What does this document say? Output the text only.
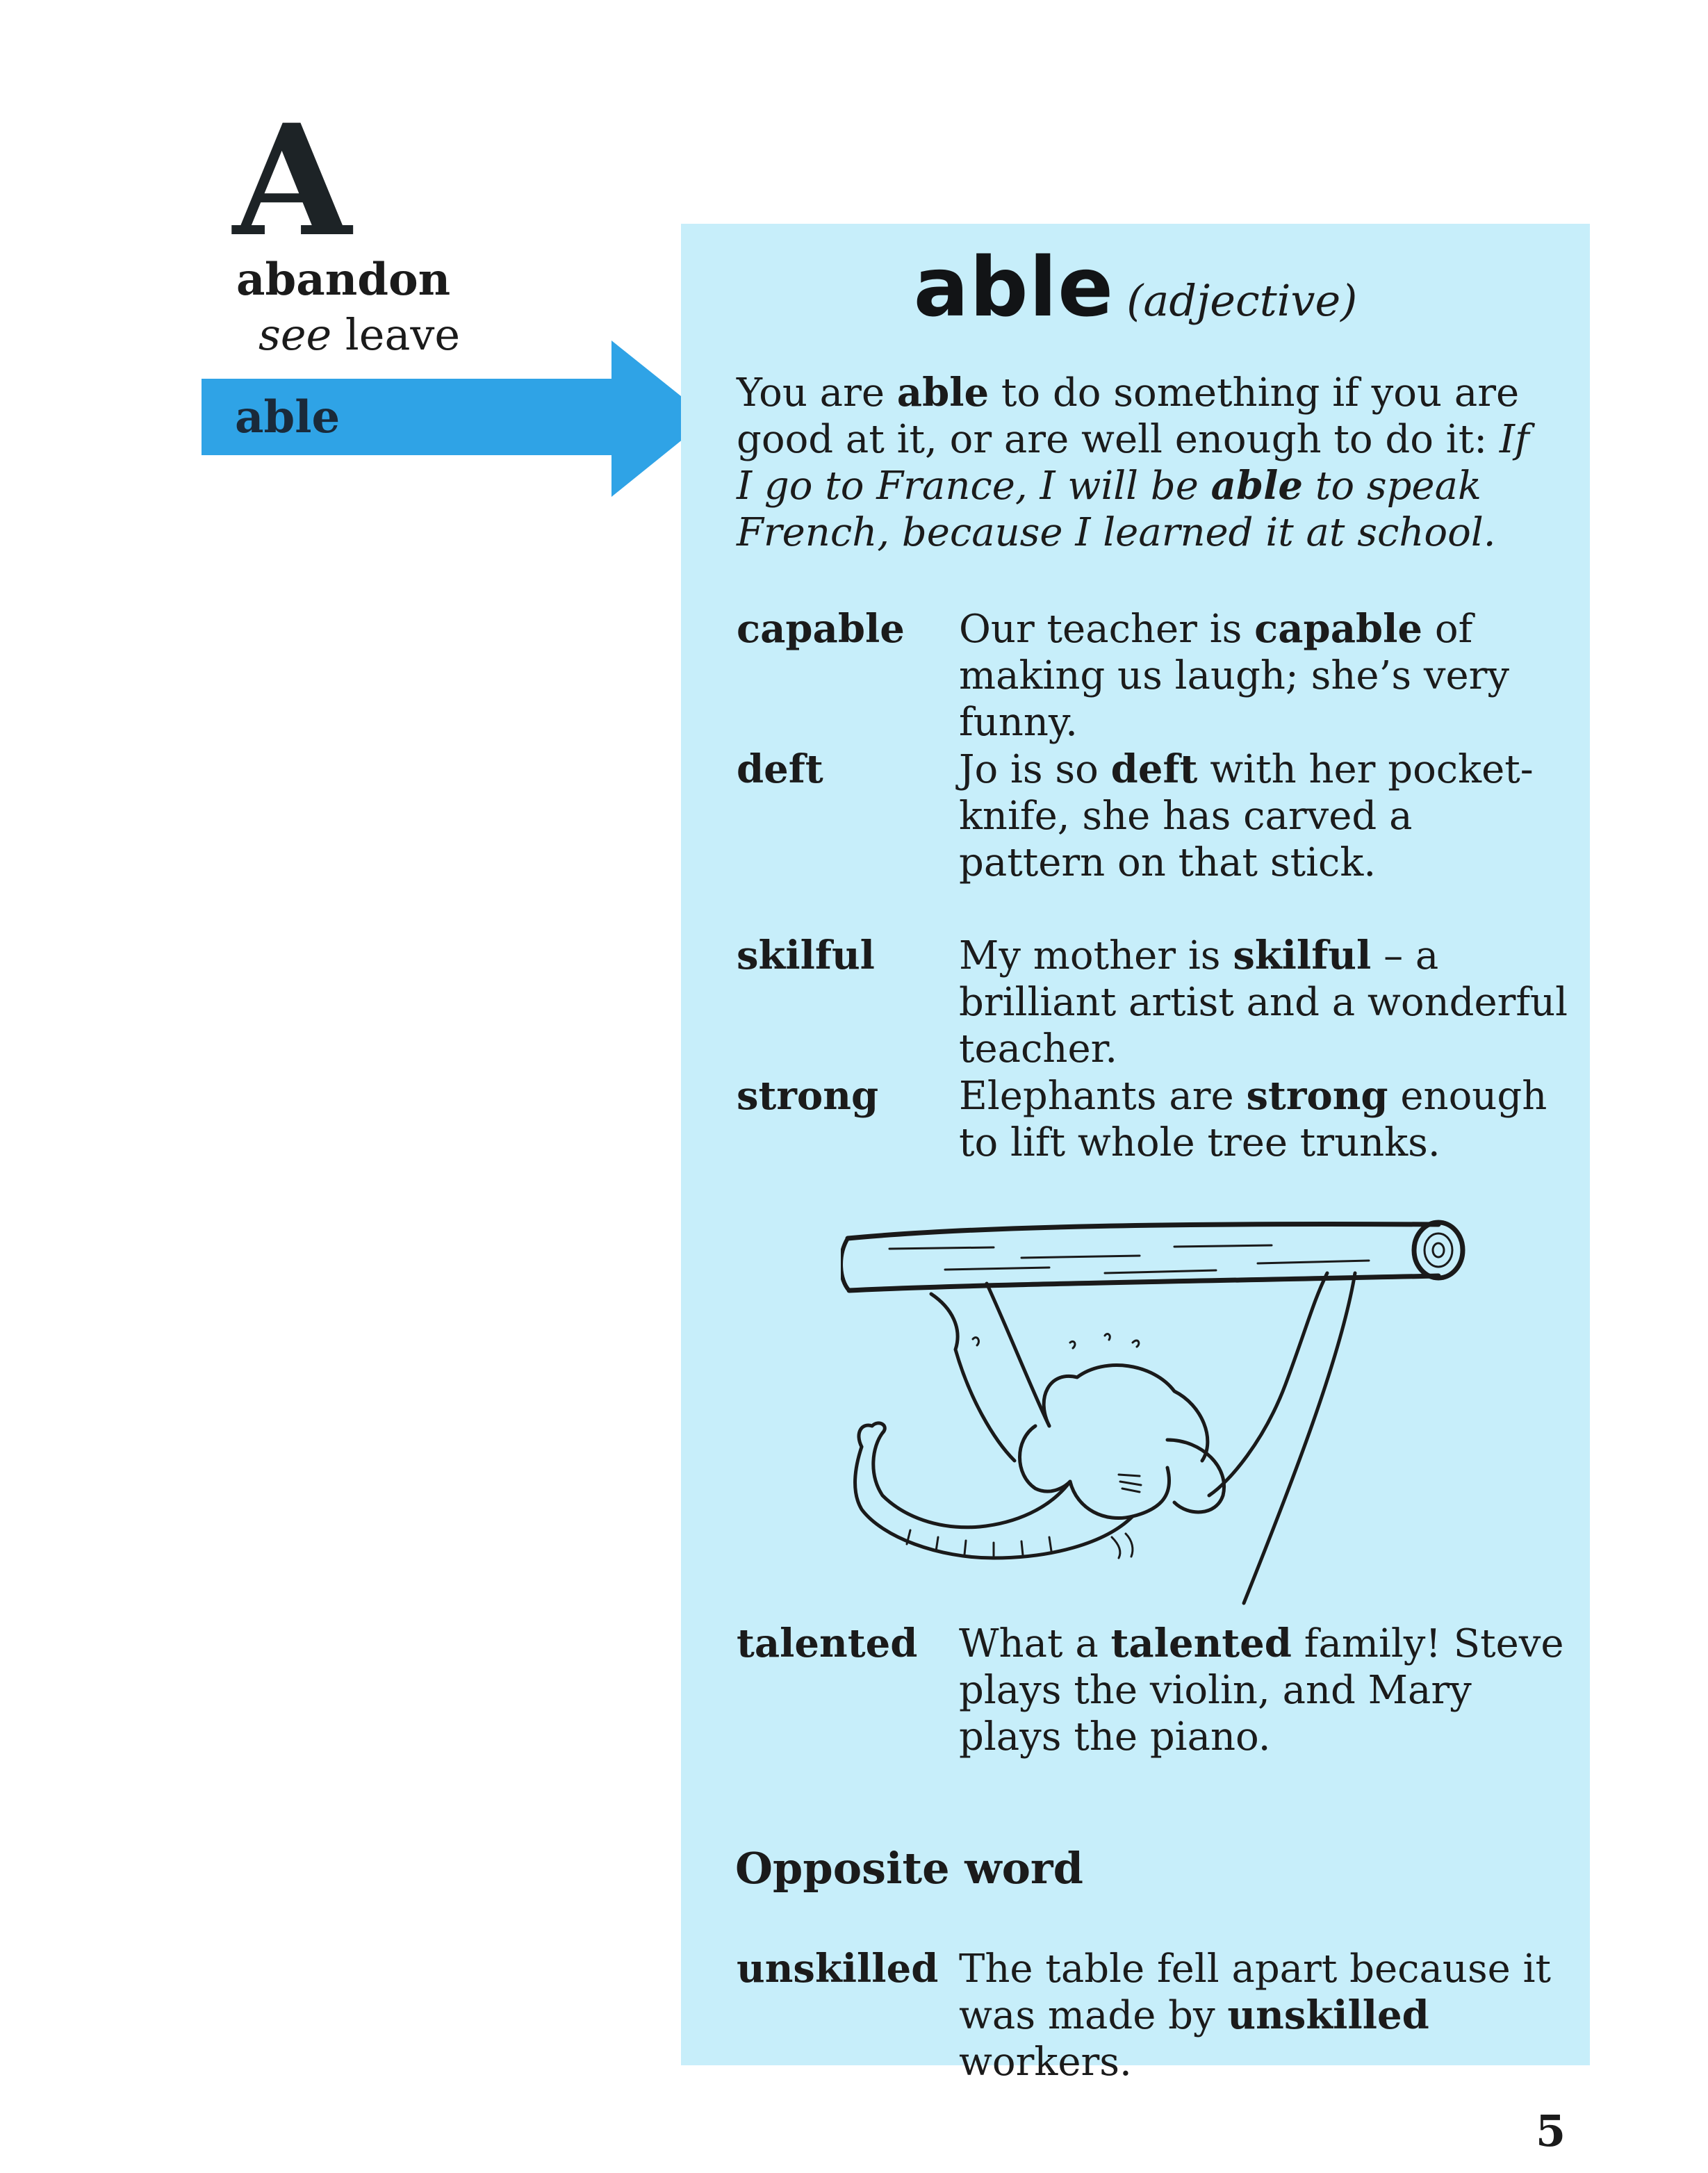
A
abandon
see leave
able
able (adjective)
You are able to do something if you are good at it, or are well enough to do it: If I go to France, I will be able to speak French, because I learned it at school.
capable Our teacher is capable of making us laugh; she’s very funny.
deft	Jo is so deft with her pocket-knife, she has carved a pattern on that stick.
skilful My mother is skilful – a brilliant artist and a wonderful teacher.
strong Elephants are strong enough to lift whole tree trunks.
talented What a talented family! Steve plays the violin, and Mary plays the piano.
Opposite word
unskilled The table fell apart because it was made by unskilled workers.
5
